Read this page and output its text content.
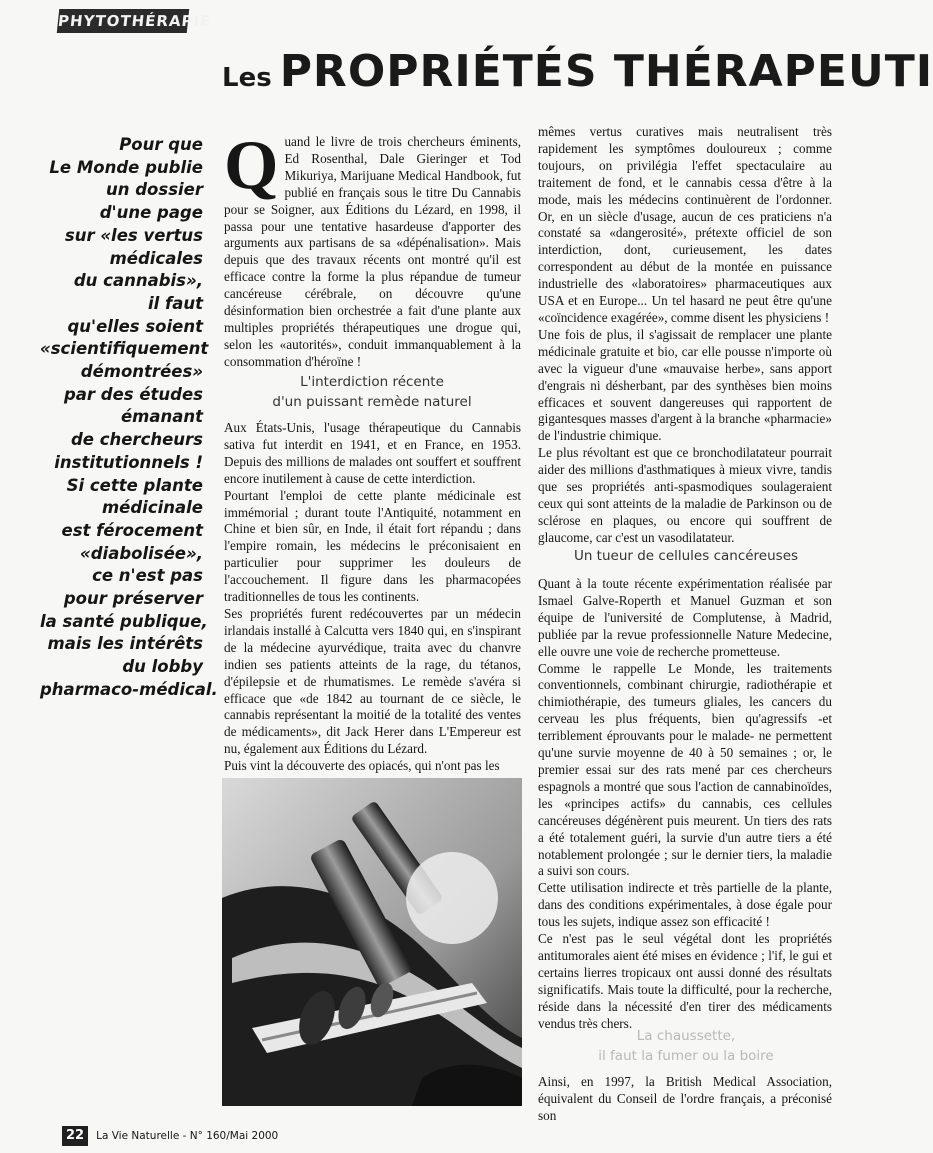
PHYTOTHÉRAPIE
Les PROPRIÉTÉS THÉRAPEUTI
Pour que
Le Monde publie
un dossier
d'une page
sur «les vertus
médicales
du cannabis»,
il faut
qu'elles soient
«scientifiquement
démontrées»
par des études
émanant
de chercheurs
institutionnels !
Si cette plante
médicinale
est férocement
«diabolisée»,
ce n'est pas
pour préserver
la santé publique,
mais les intérêts
du lobby
pharmaco-médical.
Q uand le livre de trois chercheurs éminents, Ed Rosenthal, Dale Gieringer et Tod Mikuriya, Marijuane Medical Handbook, fut publié en français sous le titre Du Cannabis pour se Soigner, aux Éditions du Lézard, en 1998, il passa pour une tentative hasardeuse d'apporter des arguments aux partisans de sa «dépénalisation». Mais depuis que des travaux récents ont montré qu'il est efficace contre la forme la plus répandue de tumeur cancéreuse cérébrale, on découvre qu'une désinformation bien orchestrée a fait d'une plante aux multiples propriétés thérapeutiques une drogue qui, selon les «autorités», conduit immanquablement à la consommation d'héroïne !

L'interdiction récente
d'un puissant remède naturel

Aux États-Unis, l'usage thérapeutique du Cannabis sativa fut interdit en 1941, et en France, en 1953. Depuis des millions de malades ont souffert et souffrent encore inutilement à cause de cette interdiction.

Pourtant l'emploi de cette plante médicinale est immémorial ; durant toute l'Antiquité, notamment en Chine et bien sûr, en Inde, il était fort répandu ; dans l'empire romain, les médecins le préconisaient en particulier pour supprimer les douleurs de l'accouchement. Il figure dans les pharmacopées traditionnelles de tous les continents.

Ses propriétés furent redécouvertes par un médecin irlandais installé à Calcutta vers 1840 qui, en s'inspirant de la médecine ayurvédique, traita avec du chanvre indien ses patients atteints de la rage, du tétanos, d'épilepsie et de rhumatismes. Le remède s'avéra si efficace que «de 1842 au tournant de ce siècle, le cannabis représentant la moitié de la totalité des ventes de médicaments», dit Jack Herer dans L'Empereur est nu, également aux Éditions du Lézard.

Puis vint la découverte des opiacés, qui n'ont pas les

mêmes vertus curatives mais neutralisent très rapidement les symptômes douloureux ; comme toujours, on privilégia l'effet spectaculaire au traitement de fond, et le cannabis cessa d'être à la mode, mais les médecins continuèrent de l'ordonner. Or, en un siècle d'usage, aucun de ces praticiens n'a constaté sa «dangerosité», prétexte officiel de son interdiction, dont, curieusement, les dates correspondent au début de la montée en puissance industrielle des «laboratoires» pharmaceutiques aux USA et en Europe... Un tel hasard ne peut être qu'une «coïncidence exagérée», comme disent les physiciens !

Une fois de plus, il s'agissait de remplacer une plante médicinale gratuite et bio, car elle pousse n'importe où avec la vigueur d'une «mauvaise herbe», sans apport d'engrais ni désherbant, par des synthèses bien moins efficaces et souvent dangereuses qui rapportent de gigantesques masses d'argent à la branche «pharmacie» de l'industrie chimique.

Le plus révoltant est que ce bronchodilatateur pourrait aider des millions d'asthmatiques à mieux vivre, tandis que ses propriétés anti-spasmodiques soulageraient ceux qui sont atteints de la maladie de Parkinson ou de sclérose en plaques, ou encore qui souffrent de glaucome, car c'est un vasodilatateur.

Un tueur de cellules cancéreuses

Quant à la toute récente expérimentation réalisée par Ismael Galve-Roperth et Manuel Guzman et son équipe de l'université de Complutense, à Madrid, publiée par la revue professionnelle Nature Medecine, elle ouvre une voie de recherche prometteuse.

Comme le rappelle Le Monde, les traitements conventionnels, combinant chirurgie, radiothérapie et chimiothérapie, des tumeurs gliales, les cancers du cerveau les plus fréquents, bien qu'agressifs -et terriblement éprouvants pour le malade- ne permettent qu'une survie moyenne de 40 à 50 semaines ; or, le premier essai sur des rats mené par ces chercheurs espagnols a montré que sous l'action de cannabinoïdes, les «principes actifs» du cannabis, ces cellules cancéreuses dégénèrent puis meurent. Un tiers des rats a été totalement guéri, la survie d'un autre tiers a été notablement prolongée ; sur le dernier tiers, la maladie a suivi son cours.

Cette utilisation indirecte et très partielle de la plante, dans des conditions expérimentales, à dose égale pour tous les sujets, indique assez son efficacité !

Ce n'est pas le seul végétal dont les propriétés antitumorales aient été mises en évidence ; l'if, le gui et certains lierres tropicaux ont aussi donné des résultats significatifs. Mais toute la difficulté, pour la recherche, réside dans la nécessité d'en tirer des médicaments vendus très chers.

La chaussette,
il faut la fumer ou la boire

Ainsi, en 1997, la British Medical Association, équivalent du Conseil de l'ordre français, a préconisé son

22 La Vie Naturelle - N° 160/Mai 2000
